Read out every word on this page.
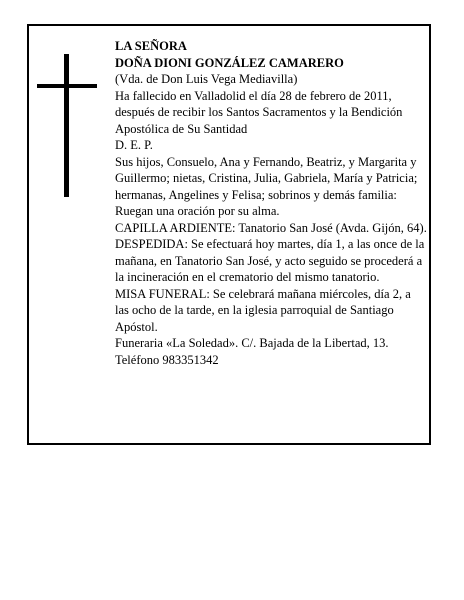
LA SEÑORA

DOÑA DIONI GONZÁLEZ CAMARERO

(Vda. de Don Luis Vega Mediavilla)

Ha fallecido en Valladolid el día 28 de febrero de 2011, después de recibir los Santos Sacramentos y la Bendición Apostólica de Su Santidad

D. E. P.

Sus hijos, Consuelo, Ana y Fernando, Beatriz, y Margarita y Guillermo; nietas, Cristina, Julia, Gabriela, María y Patricia; hermanas, Angelines y Felisa; sobrinos y demás familia:

Ruegan una oración por su alma.

CAPILLA ARDIENTE: Tanatorio San José (Avda. Gijón, 64).

DESPEDIDA: Se efectuará hoy martes, día 1, a las once de la mañana, en Tanatorio San José, y acto seguido se procederá a la incineración en el crematorio del mismo tanatorio.

MISA FUNERAL: Se celebrará mañana miércoles, día 2, a las ocho de la tarde, en la iglesia parroquial de Santiago Apóstol.

Funeraria «La Soledad». C/. Bajada de la Libertad, 13. Teléfono 983351342
